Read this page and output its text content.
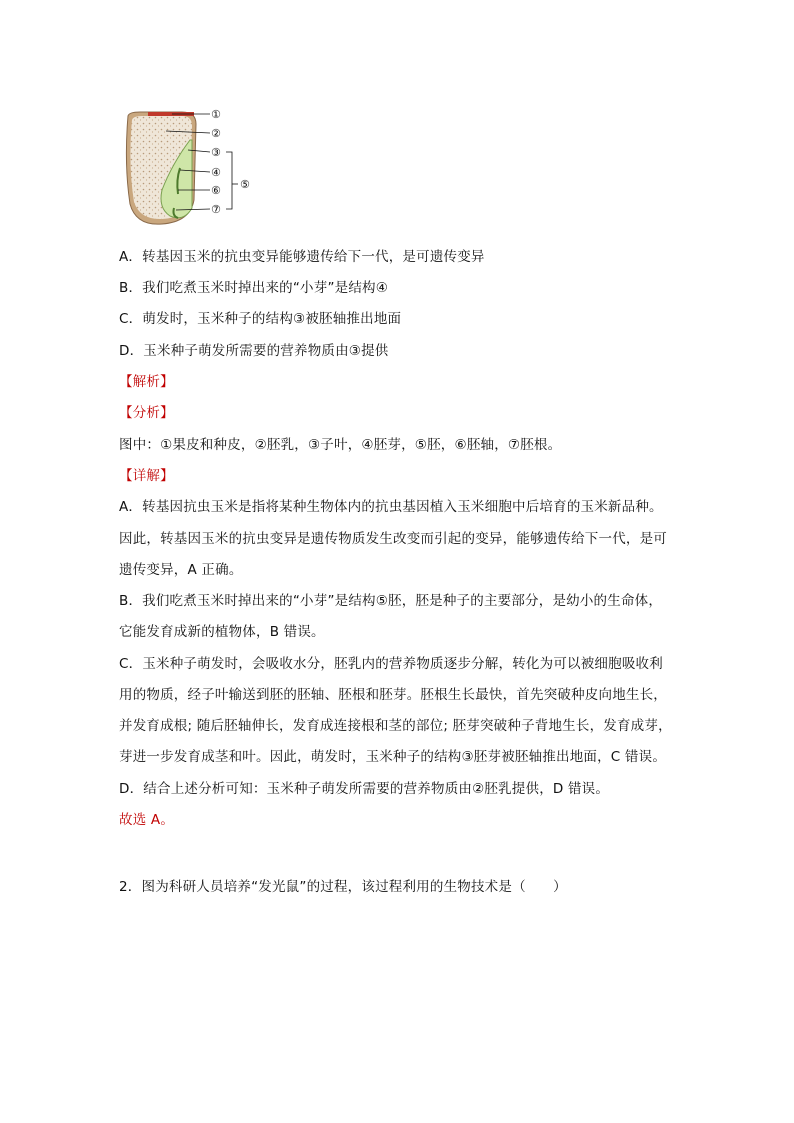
①
②
③
④
⑥
⑦
⑤
A．转基因玉米的抗虫变异能够遗传给下一代，是可遗传变异
B．我们吃煮玉米时掉出来的“小芽”是结构④
C．萌发时，玉米种子的结构③被胚轴推出地面
D．玉米种子萌发所需要的营养物质由③提供
【解析】
【分析】
图中：①果皮和种皮，②胚乳，③子叶，④胚芽，⑤胚，⑥胚轴，⑦胚根。
【详解】
A．转基因抗虫玉米是指将某种生物体内的抗虫基因植入玉米细胞中后培育的玉米新品种。
因此，转基因玉米的抗虫变异是遗传物质发生改变而引起的变异，能够遗传给下一代，是可
遗传变异，A 正确。
B．我们吃煮玉米时掉出来的“小芽”是结构⑤胚，胚是种子的主要部分，是幼小的生命体，
它能发育成新的植物体，B 错误。
C．玉米种子萌发时，会吸收水分，胚乳内的营养物质逐步分解，转化为可以被细胞吸收利
用的物质，经子叶输送到胚的胚轴、胚根和胚芽。胚根生长最快，首先突破种皮向地生长，
并发育成根; 随后胚轴伸长，发育成连接根和茎的部位; 胚芽突破种子背地生长，发育成芽，
芽进一步发育成茎和叶。因此，萌发时，玉米种子的结构③胚芽被胚轴推出地面，C 错误。
D．结合上述分析可知：玉米种子萌发所需要的营养物质由②胚乳提供，D 错误。
故选 A。
2．图为科研人员培养“发光鼠”的过程，该过程利用的生物技术是（　　）
